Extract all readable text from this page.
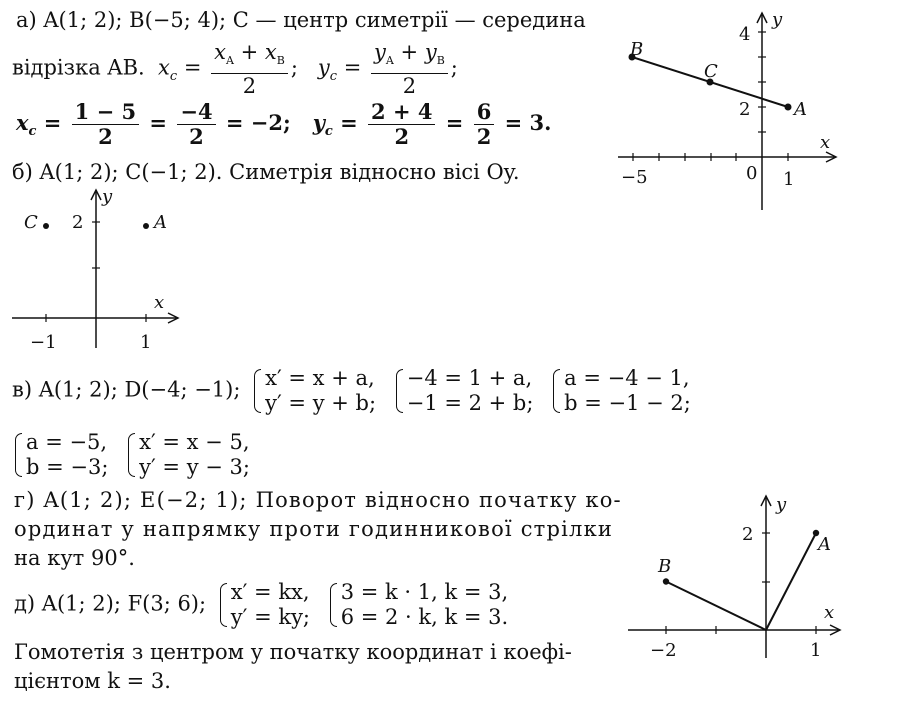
а) A(1; 2); B(−5; 4); C — центр симетрії — середина
відрізка AB. $x_c = \frac{x_A + x_B}{2}$ ; $y_c = \frac{y_A + y_B}{2}$ ;
$x_c = \frac{1 - 5}{2} = \frac{-4}{2} = -2$; $y_c = \frac{2 + 4}{2} = \frac{6}{2} = 3$.
б) A(1; 2); C(−1; 2). Симетрія відносно вісі Oy.
в) A(1; 2); D(−4; −1); x′ = x + a,
y′ = y + b;

−4 = 1 + a,
−1 = 2 + b;

a = −4 − 1,
b = −1 − 2;
a = −5,
b = −3;

x′ = x − 5,
y′ = y − 3;
г) A(1; 2); E(−2; 1); Поворот відносно початку ко-
ординат у напрямку проти годинникової стрілки
на кут 90°.
д) A(1; 2); F(3; 6); x′ = kx,
y′ = ky;

3 = k · 1, k = 3,
6 = 2 · k, k = 3.
Гомотетія з центром у початку координат і коефі-
цієнтом k = 3.
B
C
A
x
y
−5	0 1
2
4
C	A
x
y
−1	1
2
B
A
x
y
−2	1
2
